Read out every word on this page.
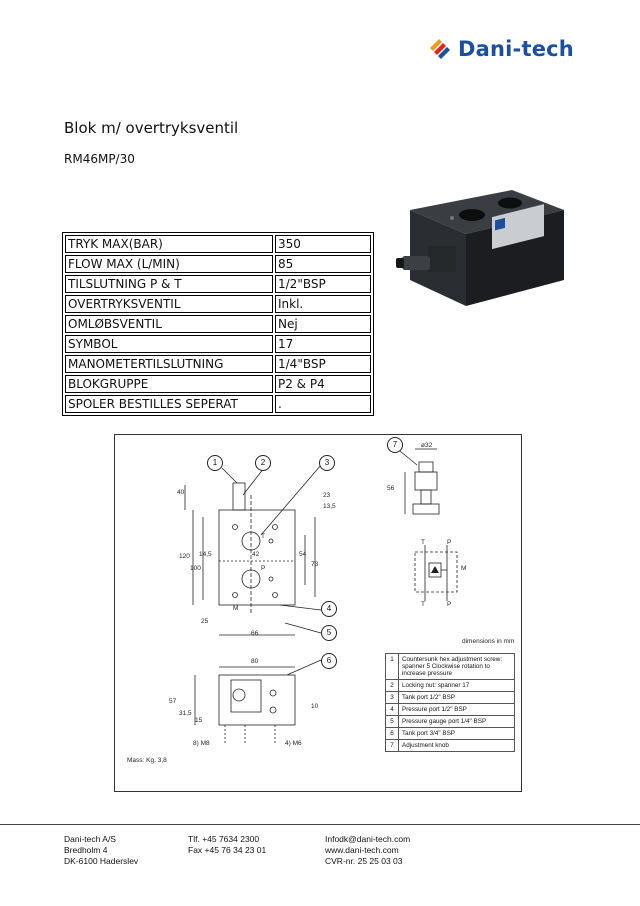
Dani-tech
Blok m/ overtryksventil
RM46MP/30
TRYK MAX(BAR)	350
FLOW MAX (L/MIN)	85
TILSLUTNING P & T	1/2"BSP
OVERTRYKSVENTIL	Inkl.
OMLØBSVENTIL	Nej
SYMBOL	17
MANOMETERTILSLUTNING	1/4"BSP
BLOKGRUPPE	P2 & P4
SPOLER BESTILLES SEPERAT	.
1	2	3
4
5
6
7
40	23
13,5
120 14,5	42	54
100
73
T
P
M
25
66
80
57
31,5
15
10
8) M8	4) M6
56
ø32
T	P
M
T	P
dimensions in mm
Mass: Kg. 3,8
1	Countersunk hex adjustment screw: spanner 5 Clockwise rotation to increase pressure
2	Locking nut: spanner 17
3	Tank port 1/2" BSP
4	Pressure port 1/2" BSP
5	Pressure gauge port 1/4" BSP
6	Tank port 3/4" BSP
7	Adjustment knob
Dani-tech A/S
Bredholm 4
DK-6100 Haderslev
Tlf. +45 7634 2300
Fax +45 76 34 23 01
Infodk@dani-tech.com
www.dani-tech.com
CVR-nr. 25 25 03 03
